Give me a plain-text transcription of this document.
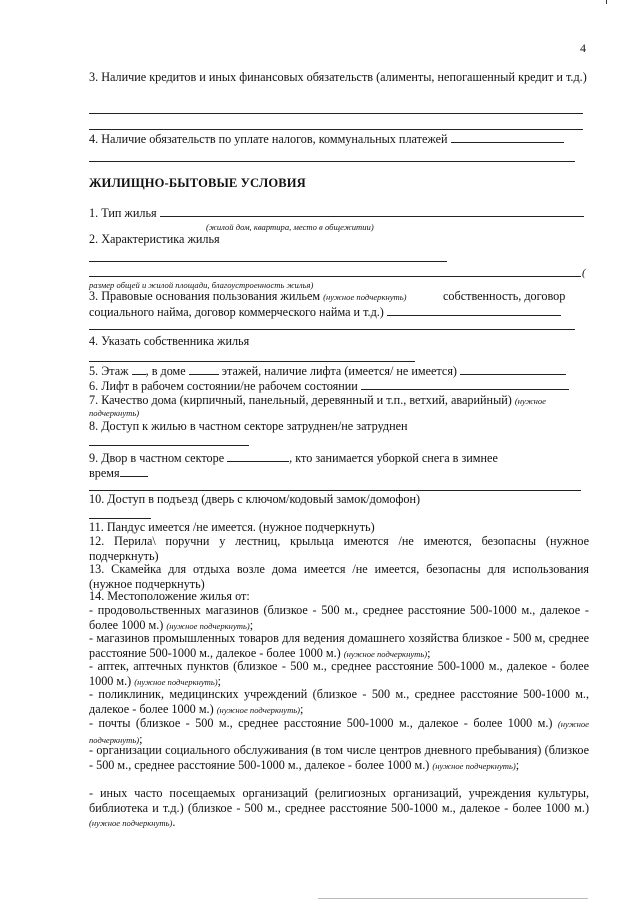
4
3. Наличие кредитов и иных финансовых обязательств (алименты, непогашенный кредит и т.д.)
4. Наличие обязательств по уплате налогов, коммунальных платежей
ЖИЛИЩНО-БЫТОВЫЕ УСЛОВИЯ
1. Тип жилья
(жилой дом, квартира, место в общежитии)
2. Характеристика жилья
(
размер общей и жилой площади, благоустроенность жилья)
3. Правовые основания пользования жильем (нужное подчеркнуть)	собственность, договор
социального найма, договор коммерческого найма и т.д.)
4. Указать собственника жилья
5. Этаж , в доме	этажей, наличие лифта (имеется/ не имеется)
6. Лифт в рабочем состоянии/не рабочем состоянии
7. Качество дома (кирпичный, панельный, деревянный и т.п., ветхий, аварийный) (нужное
подчеркнуть)
8. Доступ к жилью в частном секторе затруднен/не затруднен
9. Двор в частном секторе	, кто занимается уборкой снега в зимнее
время
10. Доступ в подъезд (дверь с ключом/кодовый замок/домофон)
11. Пандус имеется /не имеется. (нужное подчеркнуть)
12. Перила\ поручни у лестниц, крыльца имеются /не имеются, безопасны (нужное подчеркнуть)
13. Скамейка для отдыха возле дома имеется /не имеется, безопасны для использования (нужное подчеркнуть)
14. Местоположение жилья от:
- продовольственных магазинов (близкое - 500 м., среднее расстояние 500-1000 м., далекое - более 1000 м.) (нужное подчеркнуть);
- магазинов промышленных товаров для ведения домашнего хозяйства близкое - 500 м, среднее расстояние 500-1000 м., далекое - более 1000 м.) (нужное подчеркнуть);
- аптек, аптечных пунктов (близкое - 500 м., среднее расстояние 500-1000 м., далекое - более 1000 м.) (нужное подчеркнуть);
- поликлиник, медицинских учреждений (близкое - 500 м., среднее расстояние 500-1000 м., далекое - более 1000 м.) (нужное подчеркнуть);
- почты (близкое - 500 м., среднее расстояние 500-1000 м., далекое - более 1000 м.) (нужное подчеркнуть);
- организации социального обслуживания (в том числе центров дневного пребывания) (близкое - 500 м., среднее расстояние 500-1000 м., далекое - более 1000 м.) (нужное подчеркнуть);
- иных часто посещаемых организаций (религиозных организаций, учреждения культуры, библиотека и т.д.) (близкое - 500 м., среднее расстояние 500-1000 м., далекое - более 1000 м.) (нужное подчеркнуть).
